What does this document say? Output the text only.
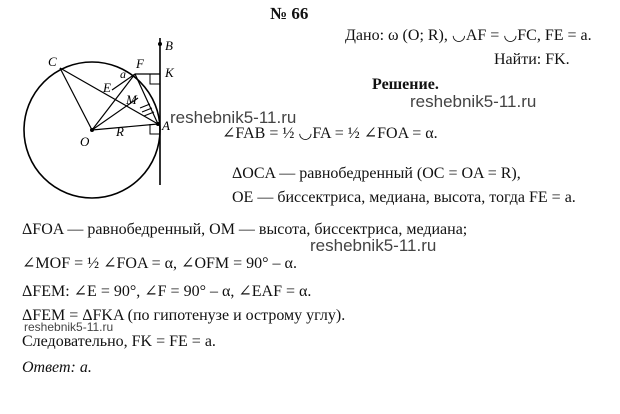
C	F
B
K
a
E
M
O
R	A
№ 66
Дано: ω (O; R), ◡AF = ◡FC, FE = a.
Найти: FK.
Решение.
reshebnik5-11.ru
reshebnik5-11.ru
reshebnik5-11.ru
reshebnik5-11.ru
∠FAB = ½ ◡FA = ½ ∠FOA = α.
ΔOCA — равнобедренный (OC = OA = R),
OE — биссектриса, медиана, высота, тогда FE = a.
ΔFOA — равнобедренный, OM — высота, биссектриса, медиана;
∠MOF = ½ ∠FOA = α, ∠OFM = 90° – α.
ΔFEM: ∠E = 90°, ∠F = 90° – α, ∠EAF = α.
ΔFEM = ΔFKA (по гипотенузе и острому углу).
Следовательно, FK = FE = a.
Ответ: a.
